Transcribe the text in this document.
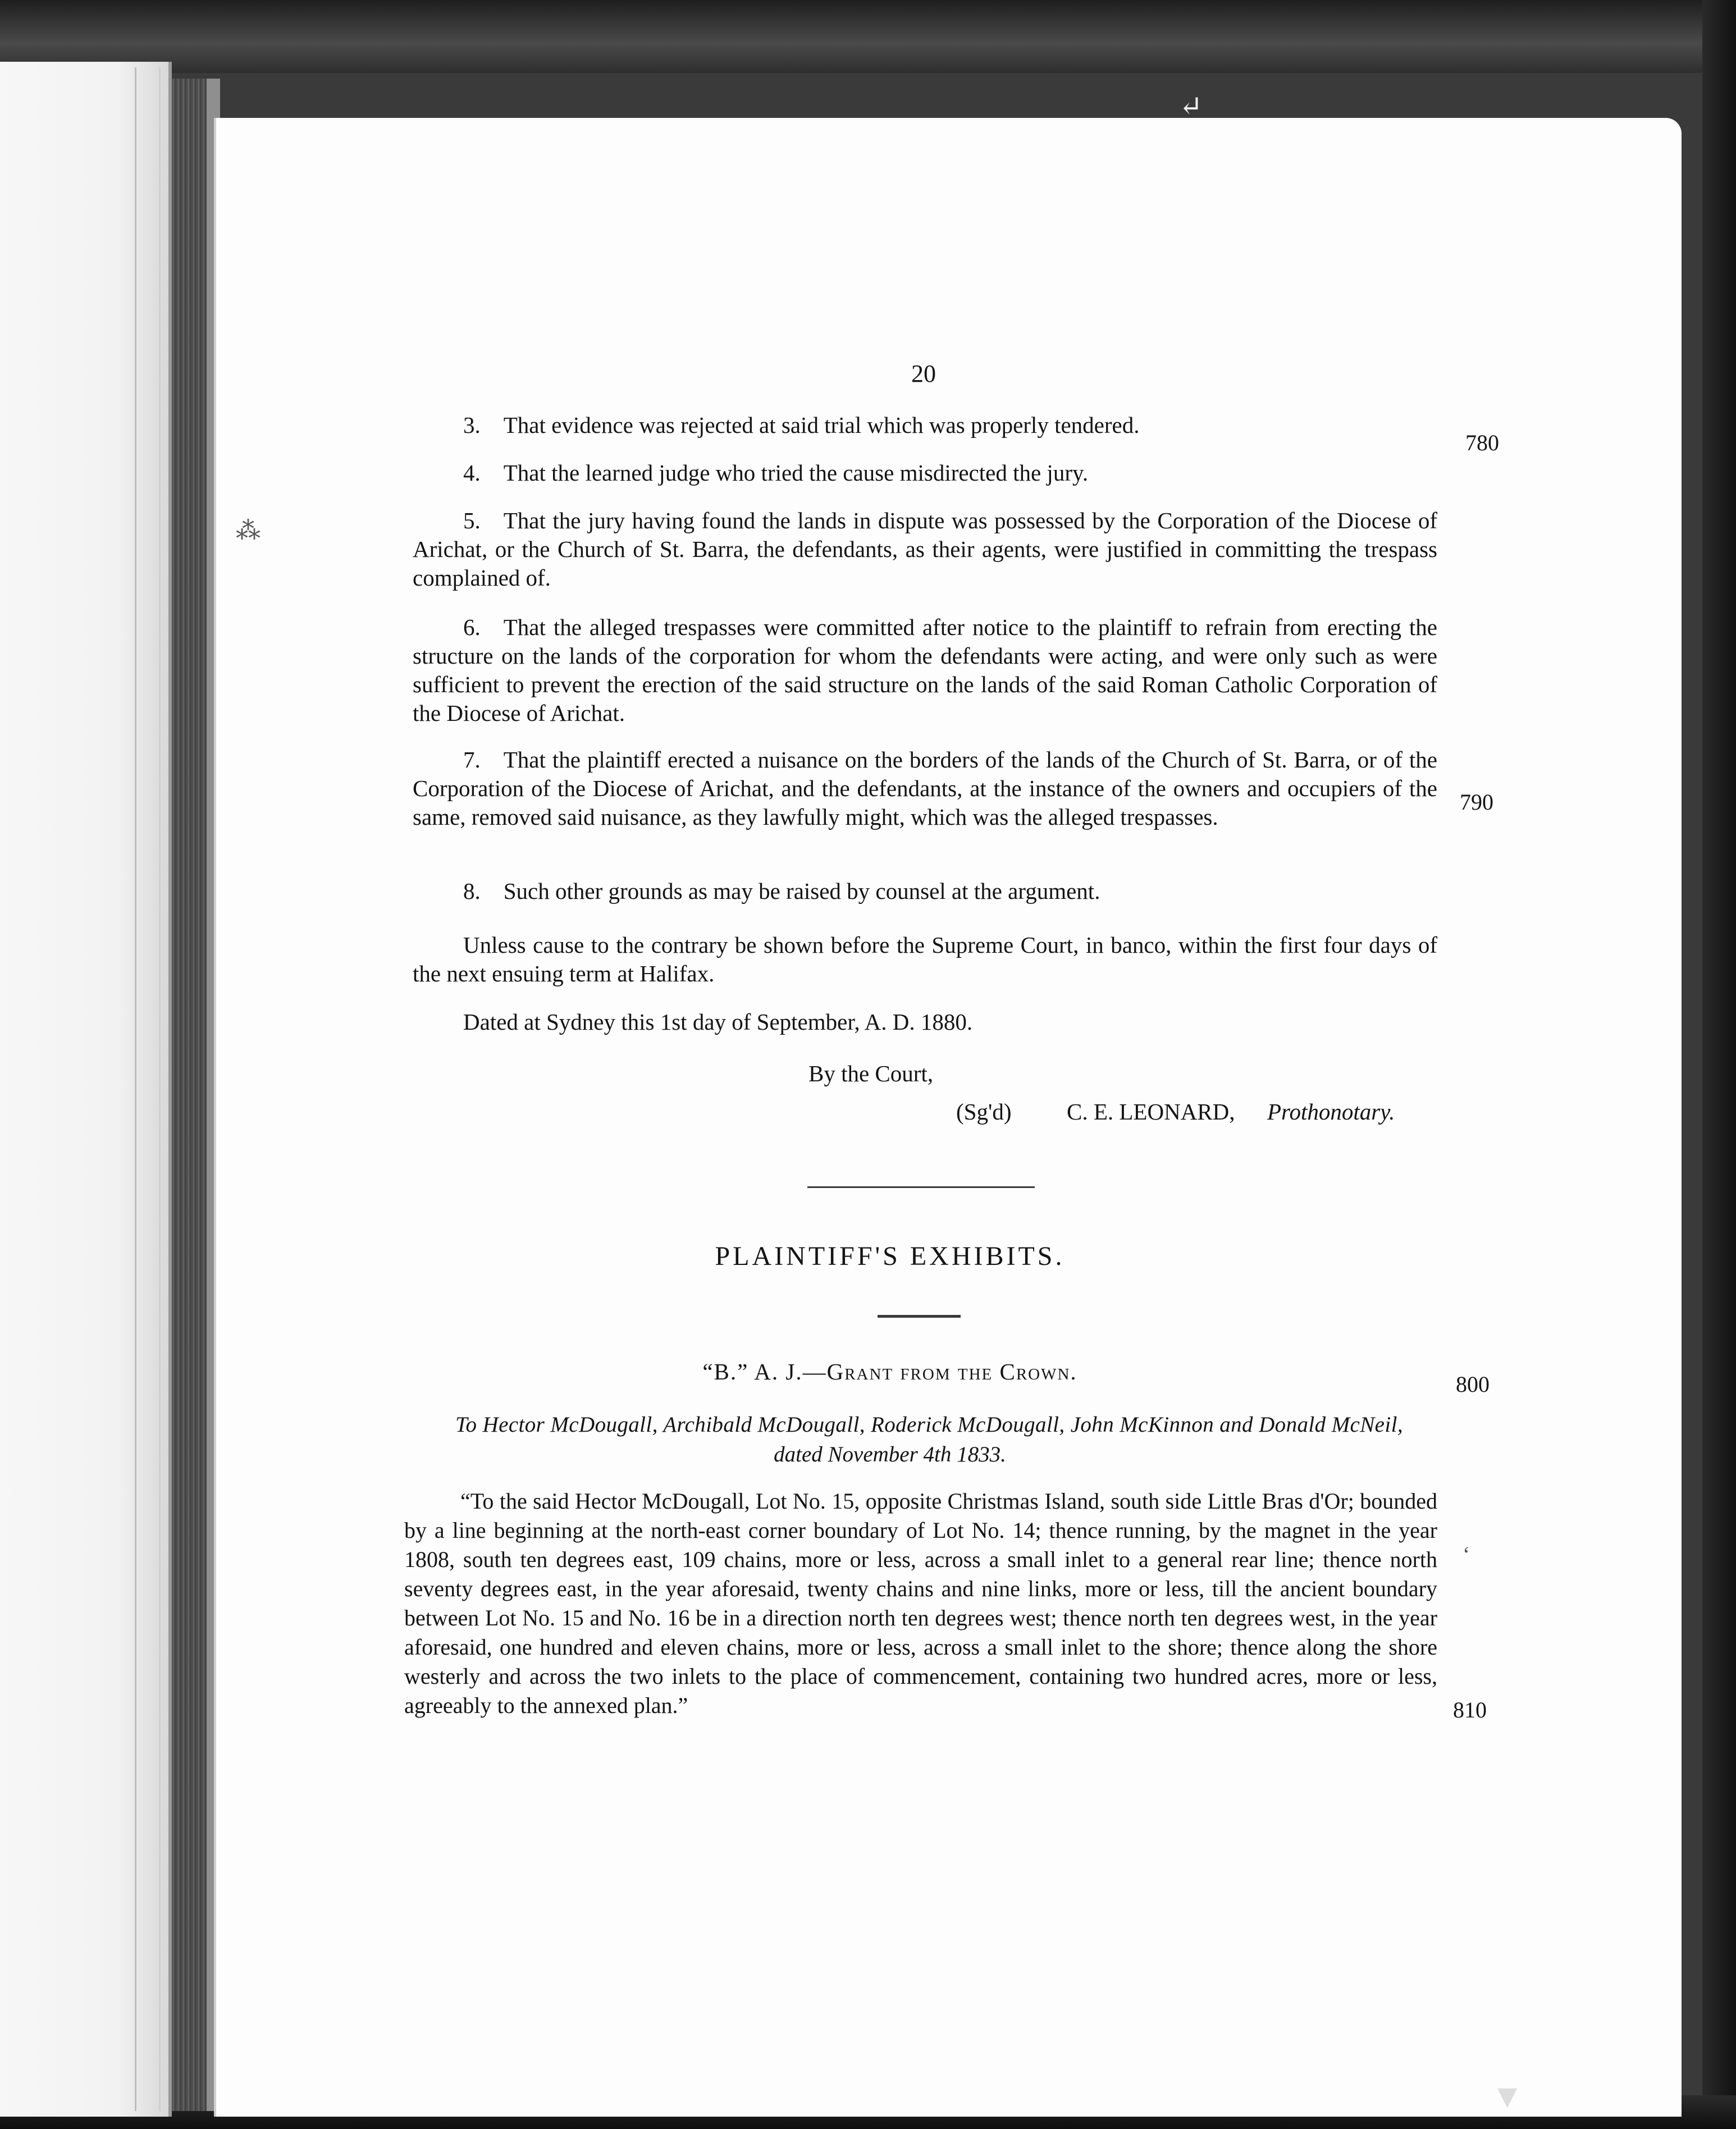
20
3. That evidence was rejected at said trial which was properly tendered.
780
4. That the learned judge who tried the cause misdirected the jury.
5. That the jury having found the lands in dispute was possessed by the Corporation of the Diocese of Arichat, or the Church of St. Barra, the defendants, as their agents, were justified in committing the trespass complained of.
6. That the alleged trespasses were committed after notice to the plaintiff to refrain from erecting the structure on the lands of the corporation for whom the defendants were acting, and were only such as were sufficient to prevent the erection of the said structure on the lands of the said Roman Catholic Corporation of the Diocese of Arichat.
7. That the plaintiff erected a nuisance on the borders of the lands of the Church of St. Barra, or of the Corporation of the Diocese of Arichat, and the defendants, at the instance of the owners and occupiers of the same, removed said nuisance, as they lawfully might, which was the alleged trespasses.
790
8. Such other grounds as may be raised by counsel at the argument.
Unless cause to the contrary be shown before the Supreme Court, in banco, within the first four days of the next ensuing term at Halifax.
Dated at Sydney this 1st day of September, A. D. 1880.
By the Court,
(Sg'd) C. E. LEONARD, Prothonotary.
PLAINTIFF'S EXHIBITS.
“B.” A. J.—Grant from the Crown.	800
To Hector McDougall, Archibald McDougall, Roderick McDougall, John McKinnon and Donald McNeil,
dated November 4th 1833.
“To the said Hector McDougall, Lot No. 15, opposite Christmas Island, south side Little Bras d'Or; bounded by a line beginning at the north-east corner boundary of Lot No. 14; thence running, by the magnet in the year 1808, south ten degrees east, 109 chains, more or less, across a small inlet to a general rear line; thence north seventy degrees east, in the year aforesaid, twenty chains and nine links, more or less, till the ancient boundary between Lot No. 15 and No. 16 be in a direction north ten degrees west; thence north ten degrees west, in the year aforesaid, one hundred and eleven chains, more or less, across a small inlet to the shore; thence along the shore westerly and across the two inlets to the place of commencement, containing two hundred acres, more or less, agreeably to the annexed plan.”	810
⁂
‘
▼
↵
